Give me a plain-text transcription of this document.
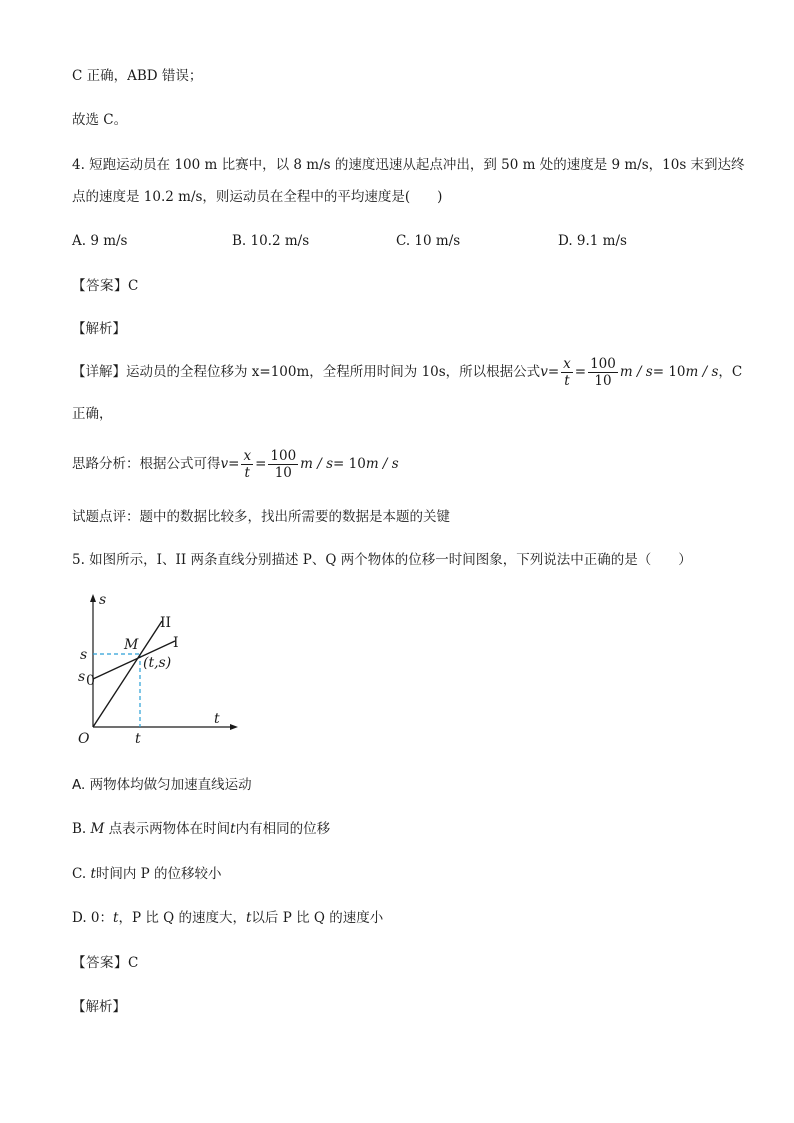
C 正确，ABD 错误；
故选 C。
4. 短跑运动员在 100 m 比赛中，以 8 m/s 的速度迅速从起点冲出，到 50 m 处的速度是 9 m/s，10s 末到达终
点的速度是 10.2 m/s，则运动员在全程中的平均速度是(　　)
A. 9 m/s	B. 10.2 m/s	C. 10 m/s	D. 9.1 m/s
【答案】C
【解析】
【详解】运动员的全程位移为 x=100m，全程所用时间为 10s，所以根据公式$v= \frac{x}{t} = \frac{100}{10}$ m / s= 10m / s，C
正确，
思路分析：根据公式可得$v= \frac{x}{t} = \frac{100}{10}$ m / s= 10m / s
试题点评：题中的数据比较多，找出所需要的数据是本题的关键
5. 如图所示，I、II 两条直线分别描述 P、Q 两个物体的位移一时间图象，下列说法中正确的是（　　）
s
t
O
s
s 0
t
M
(t,s)
II
I
A. 两物体均做匀加速直线运动
B. M 点表示两物体在时间t内有相同的位移
C. t时间内 P 的位移较小
D. 0：t，P 比 Q 的速度大，t以后 P 比 Q 的速度小
【答案】C
【解析】
